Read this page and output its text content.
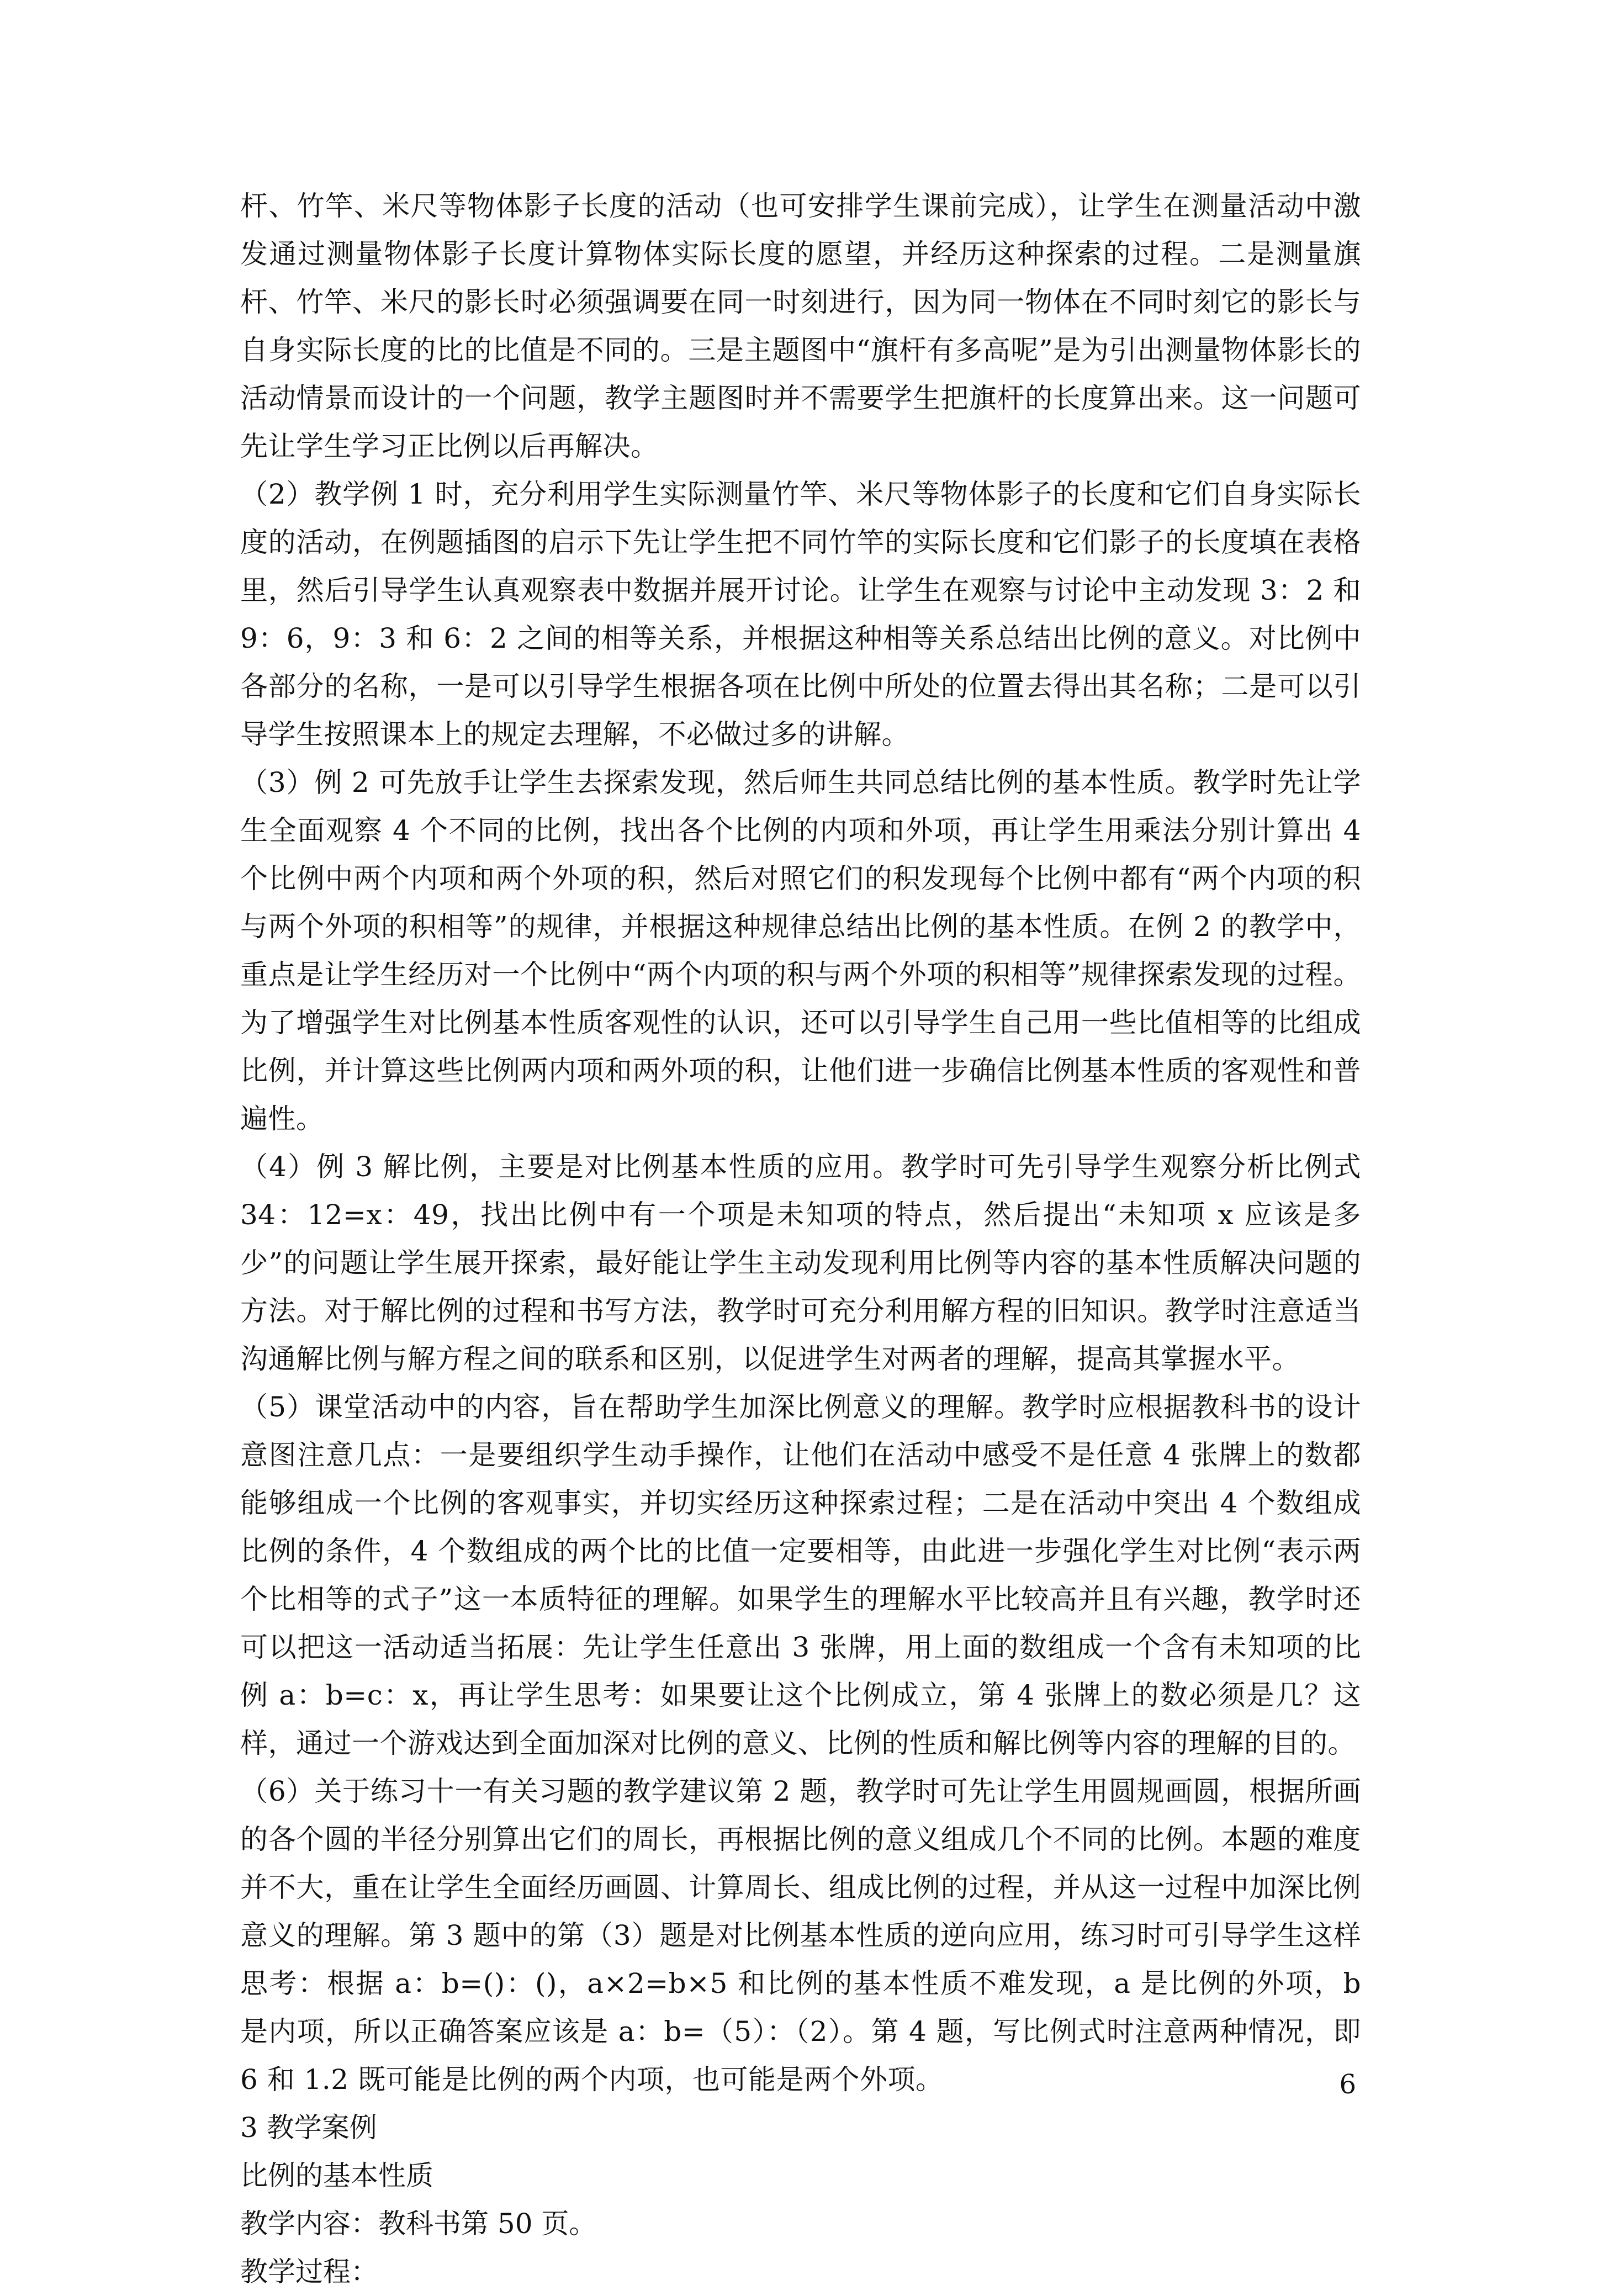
杆、竹竿、米尺等物体影子长度的活动（也可安排学生课前完成），让学生在测量活动中激发通过测量物体影子长度计算物体实际长度的愿望，并经历这种探索的过程。二是测量旗杆、竹竿、米尺的影长时必须强调要在同一时刻进行，因为同一物体在不同时刻它的影长与自身实际长度的比的比值是不同的。三是主题图中“旗杆有多高呢”是为引出测量物体影长的活动情景而设计的一个问题，教学主题图时并不需要学生把旗杆的长度算出来。这一问题可先让学生学习正比例以后再解决。

（2）教学例 1 时，充分利用学生实际测量竹竿、米尺等物体影子的长度和它们自身实际长度的活动，在例题插图的启示下先让学生把不同竹竿的实际长度和它们影子的长度填在表格里，然后引导学生认真观察表中数据并展开讨论。让学生在观察与讨论中主动发现 3：2 和 9：6，9：3 和 6：2 之间的相等关系，并根据这种相等关系总结出比例的意义。对比例中各部分的名称，一是可以引导学生根据各项在比例中所处的位置去得出其名称；二是可以引导学生按照课本上的规定去理解，不必做过多的讲解。

（3）例 2 可先放手让学生去探索发现，然后师生共同总结比例的基本性质。教学时先让学生全面观察 4 个不同的比例，找出各个比例的内项和外项，再让学生用乘法分别计算出 4 个比例中两个内项和两个外项的积，然后对照它们的积发现每个比例中都有“两个内项的积与两个外项的积相等”的规律，并根据这种规律总结出比例的基本性质。在例 2 的教学中，重点是让学生经历对一个比例中“两个内项的积与两个外项的积相等”规律探索发现的过程。为了增强学生对比例基本性质客观性的认识，还可以引导学生自己用一些比值相等的比组成比例，并计算这些比例两内项和两外项的积，让他们进一步确信比例基本性质的客观性和普遍性。

（4）例 3 解比例，主要是对比例基本性质的应用。教学时可先引导学生观察分析比例式 34：12=x：49，找出比例中有一个项是未知项的特点，然后提出“未知项 x 应该是多少”的问题让学生展开探索，最好能让学生主动发现利用比例等内容的基本性质解决问题的方法。对于解比例的过程和书写方法，教学时可充分利用解方程的旧知识。教学时注意适当沟通解比例与解方程之间的联系和区别，以促进学生对两者的理解，提高其掌握水平。

（5）课堂活动中的内容，旨在帮助学生加深比例意义的理解。教学时应根据教科书的设计意图注意几点：一是要组织学生动手操作，让他们在活动中感受不是任意 4 张牌上的数都能够组成一个比例的客观事实，并切实经历这种探索过程；二是在活动中突出 4 个数组成比例的条件，4 个数组成的两个比的比值一定要相等，由此进一步强化学生对比例“表示两个比相等的式子”这一本质特征的理解。如果学生的理解水平比较高并且有兴趣，教学时还可以把这一活动适当拓展：先让学生任意出 3 张牌，用上面的数组成一个含有未知项的比例 a：b=c：x，再让学生思考：如果要让这个比例成立，第 4 张牌上的数必须是几？这样，通过一个游戏达到全面加深对比例的意义、比例的性质和解比例等内容的理解的目的。

（6）关于练习十一有关习题的教学建议第 2 题，教学时可先让学生用圆规画圆，根据所画的各个圆的半径分别算出它们的周长，再根据比例的意义组成几个不同的比例。本题的难度并不大，重在让学生全面经历画圆、计算周长、组成比例的过程，并从这一过程中加深比例意义的理解。第 3 题中的第（3）题是对比例基本性质的逆向应用，练习时可引导学生这样思考：根据 a：b=()：()，a×2=b×5 和比例的基本性质不难发现，a 是比例的外项，b 是内项，所以正确答案应该是 a：b=（5）：（2）。第 4 题，写比例式时注意两种情况，即 6 和 1.2 既可能是比例的两个内项，也可能是两个外项。

3 教学案例

比例的基本性质

教学内容：教科书第 50 页。

教学过程：

6
